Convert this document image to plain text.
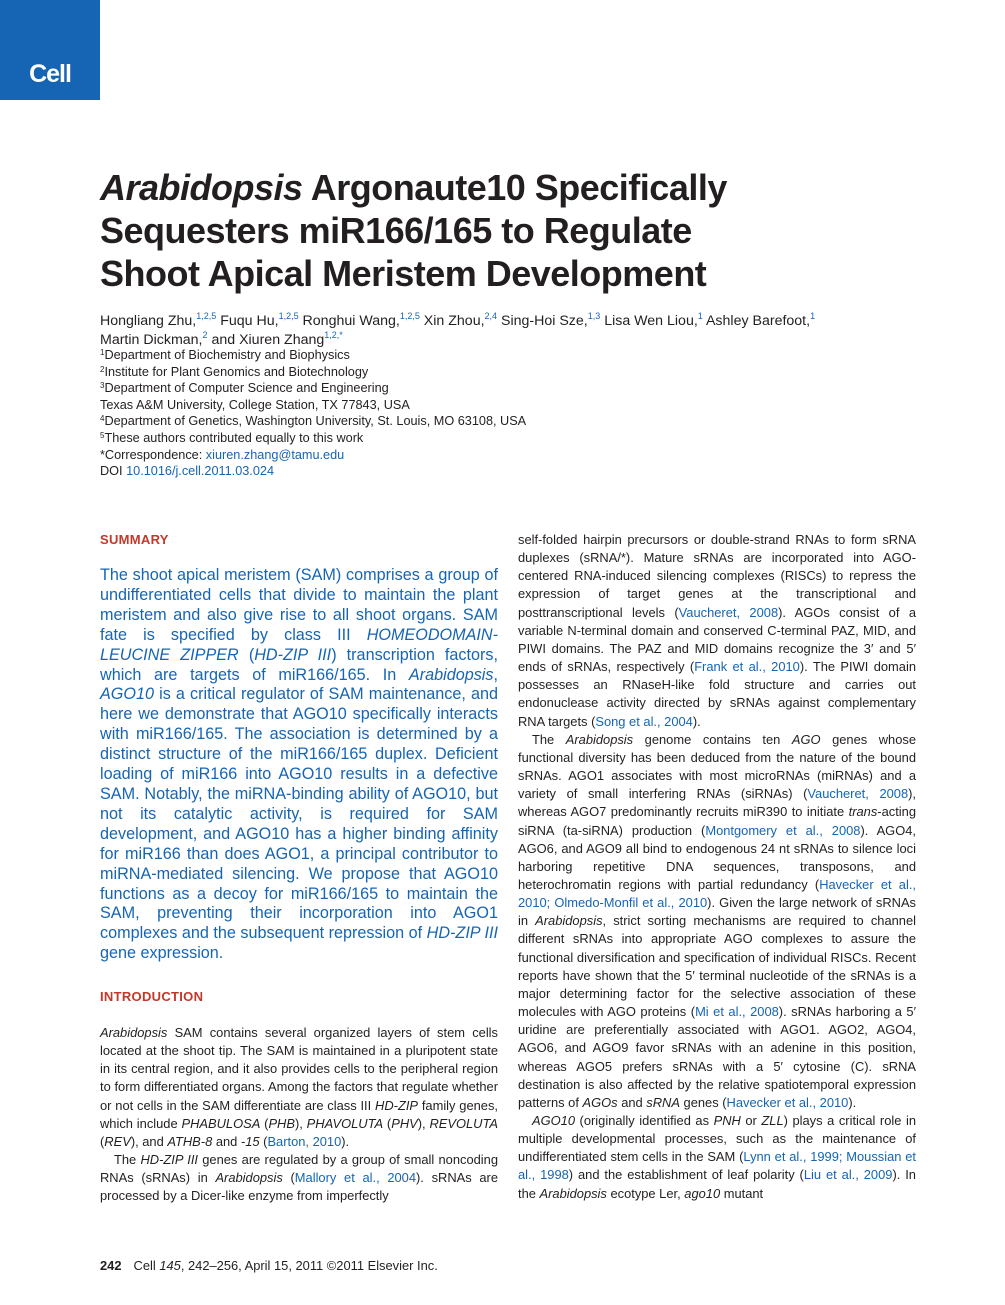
Cell
Arabidopsis Argonaute10 Specifically
Sequesters miR166/165 to Regulate
Shoot Apical Meristem Development
Hongliang Zhu,$^{1,2,5}$ Fuqu Hu,$^{1,2,5}$ Ronghui Wang,$^{1,2,5}$ Xin Zhou,$^{2,4}$ Sing-Hoi Sze,$^{1,3}$ Lisa Wen Liou,$^1$ Ashley Barefoot,$^1$
Martin Dickman,$^2$ and Xiuren Zhang$^{1,2,*}$
$^1$Department of Biochemistry and Biophysics
$^2$Institute for Plant Genomics and Biotechnology
$^3$Department of Computer Science and Engineering
Texas A&M University, College Station, TX 77843, USA
$^4$Department of Genetics, Washington University, St. Louis, MO 63108, USA
$^5$These authors contributed equally to this work
*Correspondence: xiuren.zhang@tamu.edu
DOI 10.1016/j.cell.2011.03.024
SUMMARY
The shoot apical meristem (SAM) comprises a group of undifferentiated cells that divide to maintain the plant meristem and also give rise to all shoot organs. SAM fate is specified by class III HOMEODOMAIN-LEUCINE ZIPPER (HD-ZIP III) transcription factors, which are targets of miR166/165. In Arabidopsis, AGO10 is a critical regulator of SAM maintenance, and here we demonstrate that AGO10 specifically interacts with miR166/165. The association is determined by a distinct structure of the miR166/165 duplex. Deficient loading of miR166 into AGO10 results in a defective SAM. Notably, the miRNA-binding ability of AGO10, but not its catalytic activity, is required for SAM development, and AGO10 has a higher binding affinity for miR166 than does AGO1, a principal contributor to miRNA-mediated silencing. We propose that AGO10 functions as a decoy for miR166/165 to maintain the SAM, preventing their incorporation into AGO1 complexes and the subsequent repression of HD-ZIP III gene expression.
INTRODUCTION

Arabidopsis SAM contains several organized layers of stem cells located at the shoot tip. The SAM is maintained in a pluripotent state in its central region, and it also provides cells to the peripheral region to form differentiated organs. Among the factors that regulate whether or not cells in the SAM differentiate are class III HD-ZIP family genes, which include PHABULOSA (PHB), PHAVOLUTA (PHV), REVOLUTA (REV), and ATHB-8 and -15 (Barton, 2010).

The HD-ZIP III genes are regulated by a group of small noncoding RNAs (sRNAs) in Arabidopsis (Mallory et al., 2004). sRNAs are processed by a Dicer-like enzyme from imperfectly

self-folded hairpin precursors or double-strand RNAs to form sRNA duplexes (sRNA/*). Mature sRNAs are incorporated into AGO-centered RNA-induced silencing complexes (RISCs) to repress the expression of target genes at the transcriptional and posttranscriptional levels (Vaucheret, 2008). AGOs consist of a variable N-terminal domain and conserved C-terminal PAZ, MID, and PIWI domains. The PAZ and MID domains recognize the 3′ and 5′ ends of sRNAs, respectively (Frank et al., 2010). The PIWI domain possesses an RNaseH-like fold structure and carries out endonuclease activity directed by sRNAs against complementary RNA targets (Song et al., 2004).

The Arabidopsis genome contains ten AGO genes whose functional diversity has been deduced from the nature of the bound sRNAs. AGO1 associates with most microRNAs (miRNAs) and a variety of small interfering RNAs (siRNAs) (Vaucheret, 2008), whereas AGO7 predominantly recruits miR390 to initiate trans-acting siRNA (ta-siRNA) production (Montgomery et al., 2008). AGO4, AGO6, and AGO9 all bind to endogenous 24 nt sRNAs to silence loci harboring repetitive DNA sequences, transposons, and heterochromatin regions with partial redundancy (Havecker et al., 2010; Olmedo-Monfil et al., 2010). Given the large network of sRNAs in Arabidopsis, strict sorting mechanisms are required to channel different sRNAs into appropriate AGO complexes to assure the functional diversification and specification of individual RISCs. Recent reports have shown that the 5′ terminal nucleotide of the sRNAs is a major determining factor for the selective association of these molecules with AGO proteins (Mi et al., 2008). sRNAs harboring a 5′ uridine are preferentially associated with AGO1. AGO2, AGO4, AGO6, and AGO9 favor sRNAs with an adenine in this position, whereas AGO5 prefers sRNAs with a 5′ cytosine (C). sRNA destination is also affected by the relative spatiotemporal expression patterns of AGOs and sRNA genes (Havecker et al., 2010).

AGO10 (originally identified as PNH or ZLL) plays a critical role in multiple developmental processes, such as the maintenance of undifferentiated stem cells in the SAM (Lynn et al., 1999; Moussian et al., 1998) and the establishment of leaf polarity (Liu et al., 2009). In the Arabidopsis ecotype Ler, ago10 mutant

242 Cell 145, 242–256, April 15, 2011 ©2011 Elsevier Inc.
